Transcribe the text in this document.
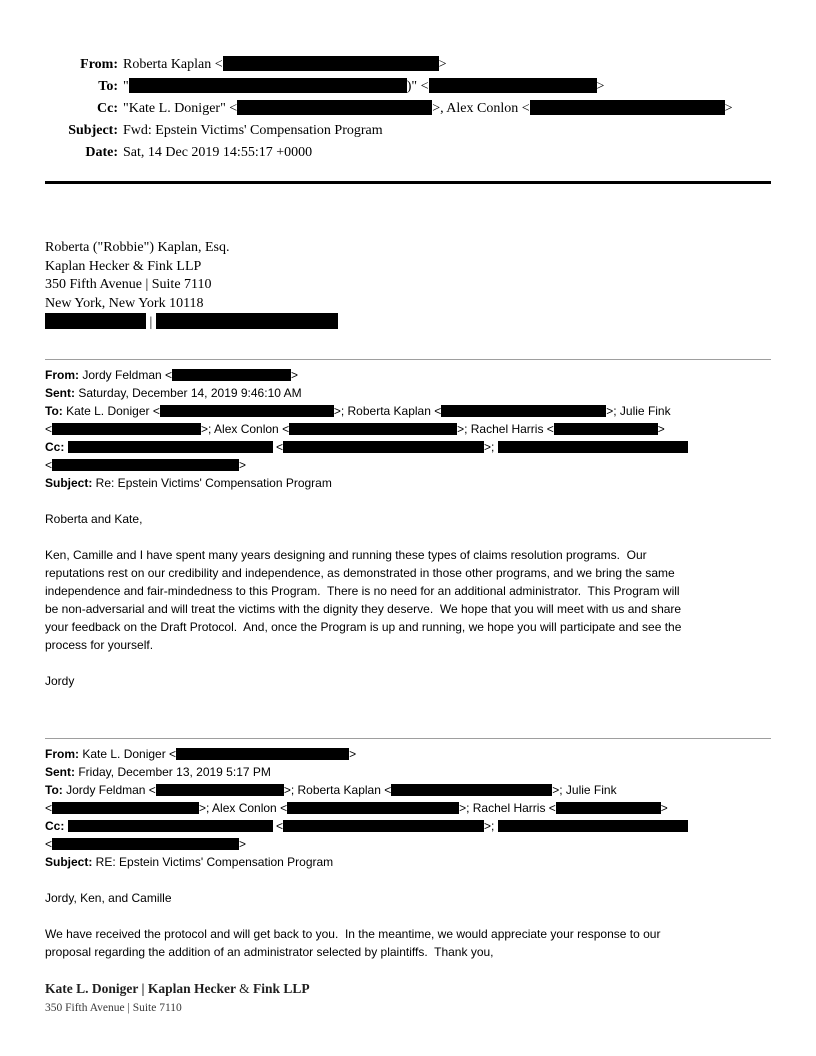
From: Roberta Kaplan <	>
To: "	)" <	>
Cc: "Kate L. Doniger" <	>, Alex Conlon <	>
Subject: Fwd: Epstein Victims' Compensation Program
Date: Sat, 14 Dec 2019 14:55:17 +0000
Roberta ("Robbie") Kaplan, Esq.
Kaplan Hecker & Fink LLP
350 Fifth Avenue | Suite 7110
New York, New York 10118
|
From: Jordy Feldman <	>
Sent: Saturday, December 14, 2019 9:46:10 AM
To: Kate L. Doniger <	>; Roberta Kaplan <	>; Julie Fink
<	>; Alex Conlon <	>; Rachel Harris <	>
Cc:	<	>;
<	>
Subject: Re: Epstein Victims' Compensation Program

Roberta and Kate,

Ken, Camille and I have spent many years designing and running these types of claims resolution programs.  Our
reputations rest on our credibility and independence, as demonstrated in those other programs, and we bring the same
independence and fair-mindedness to this Program.  There is no need for an additional administrator.  This Program will
be non-adversarial and will treat the victims with the dignity they deserve.  We hope that you will meet with us and share
your feedback on the Draft Protocol.  And, once the Program is up and running, we hope you will participate and see the
process for yourself.

Jordy
From: Kate L. Doniger <	>
Sent: Friday, December 13, 2019 5:17 PM
To: Jordy Feldman <	>; Roberta Kaplan <	>; Julie Fink
<	>; Alex Conlon <	>; Rachel Harris <	>
Cc:	<	>;
<	>
Subject: RE: Epstein Victims' Compensation Program

Jordy, Ken, and Camille

We have received the protocol and will get back to you.  In the meantime, we would appreciate your response to our
proposal regarding the addition of an administrator selected by plaintiffs.  Thank you,
Kate L. Doniger | Kaplan Hecker & Fink LLP
350 Fifth Avenue | Suite 7110
